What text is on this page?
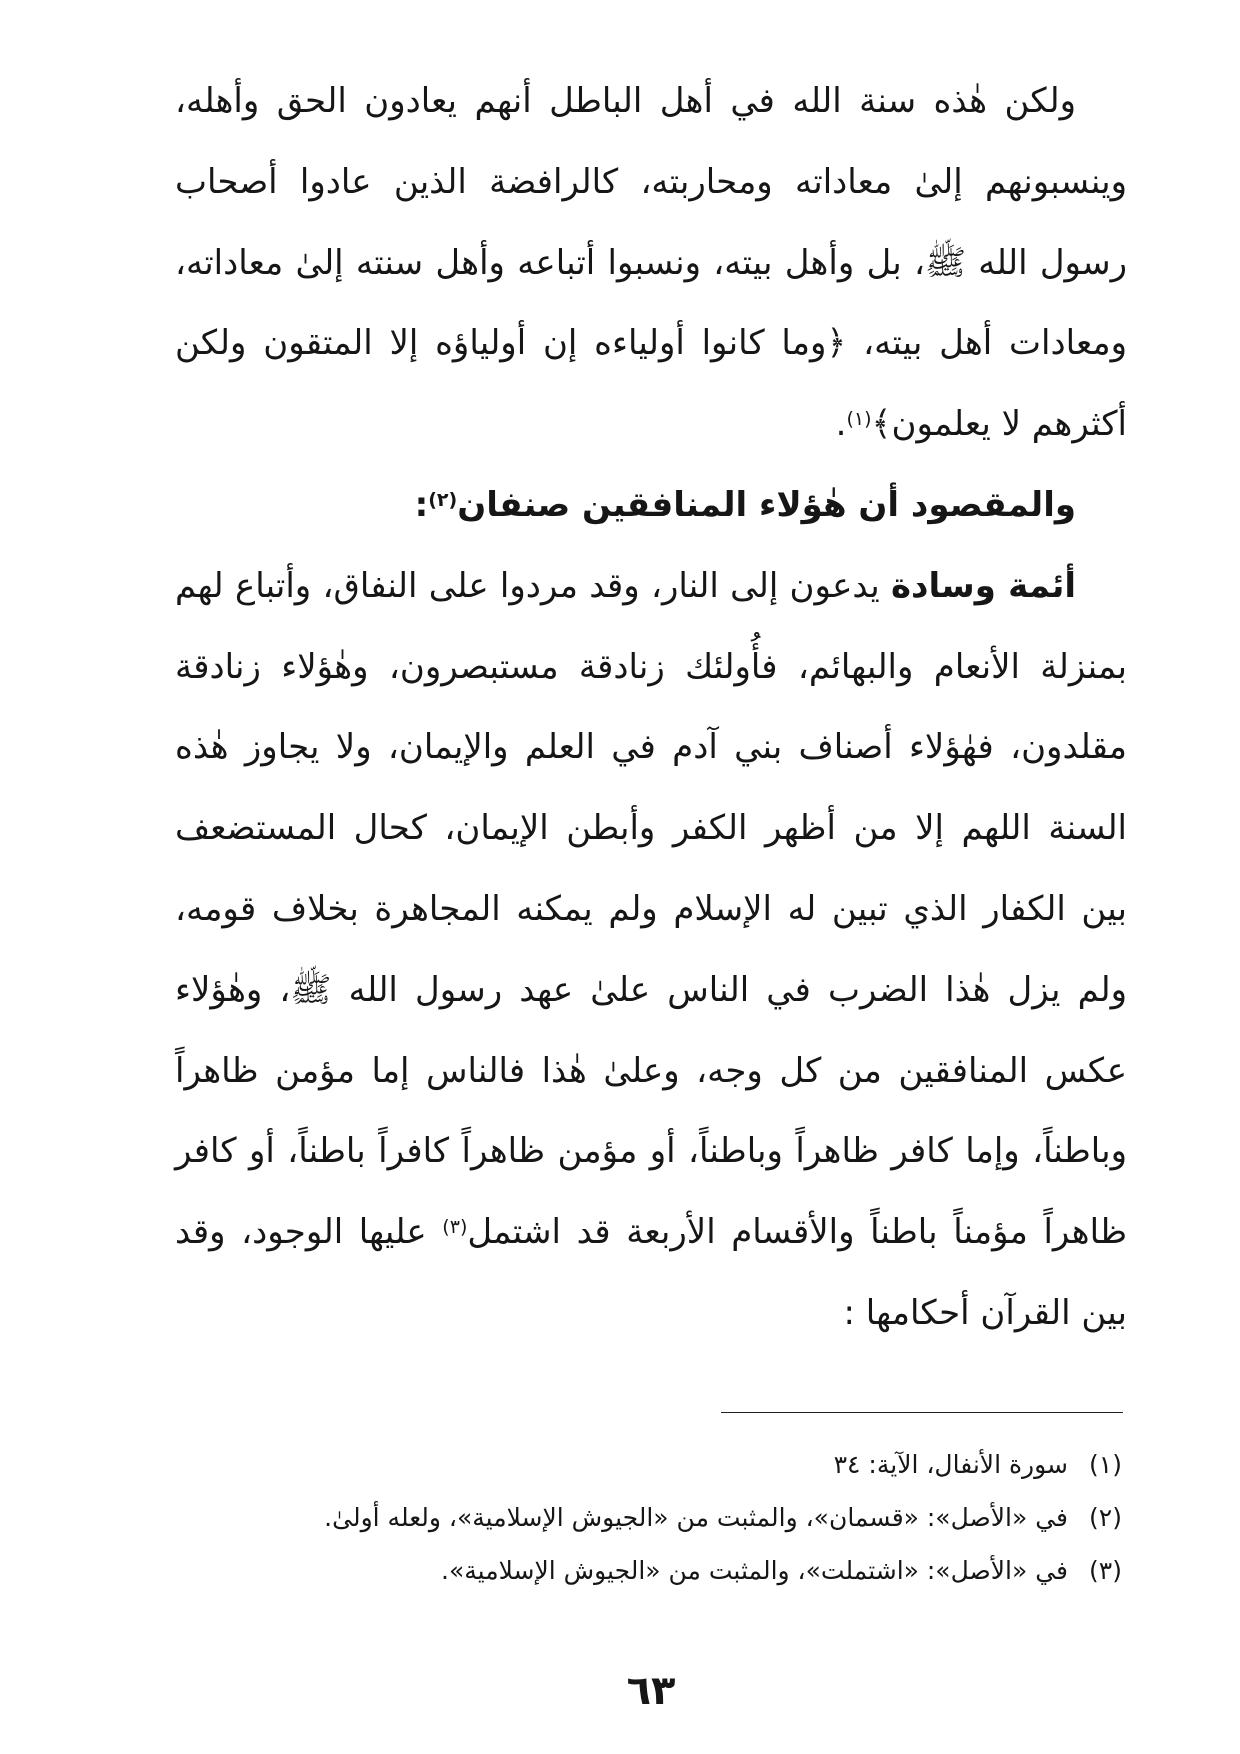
ولكن هٰذه سنة الله في أهل الباطل أنهم يعادون الحق وأهله،
وينسبونهم إلىٰ معاداته ومحاربته، كالرافضة الذين عادوا أصحاب
رسول الله ﷺ، بل وأهل بيته، ونسبوا أتباعه وأهل سنته إلىٰ معاداته،
ومعادات أهل بيته، ﴿وما كانوا أولياءه إن أولياؤه إلا المتقون ولكن
أكثرهم لا يعلمون﴾$^{(١)}$.
والمقصود أن هٰؤلاء المنافقين صنفان$^{(٢)}$:
أئمة وسادة يدعون إلى النار، وقد مردوا على النفاق، وأتباع لهم
بمنزلة الأنعام والبهائم، فأُولئك زنادقة مستبصرون، وهٰؤلاء زنادقة
مقلدون، فهٰؤلاء أصناف بني آدم في العلم والإيمان، ولا يجاوز هٰذه
السنة اللهم إلا من أظهر الكفر وأبطن الإيمان، كحال المستضعف
بين الكفار الذي تبين له الإسلام ولم يمكنه المجاهرة بخلاف قومه،
ولم يزل هٰذا الضرب في الناس علىٰ عهد رسول الله ﷺ، وهٰؤلاء
عكس المنافقين من كل وجه، وعلىٰ هٰذا فالناس إما مؤمن ظاهراً
وباطناً، وإما كافر ظاهراً وباطناً، أو مؤمن ظاهراً كافراً باطناً، أو كافر
ظاهراً مؤمناً باطناً والأقسام الأربعة قد اشتمل$^{(٣)}$ عليها الوجود، وقد
بين القرآن أحكامها :
(١)
سورة الأنفال، الآية: ٣٤
(٢)
في «الأصل»: «قسمان»، والمثبت من «الجيوش الإسلامية»، ولعله أولىٰ.
(٣)
في «الأصل»: «اشتملت»، والمثبت من «الجيوش الإسلامية».
٦٣
